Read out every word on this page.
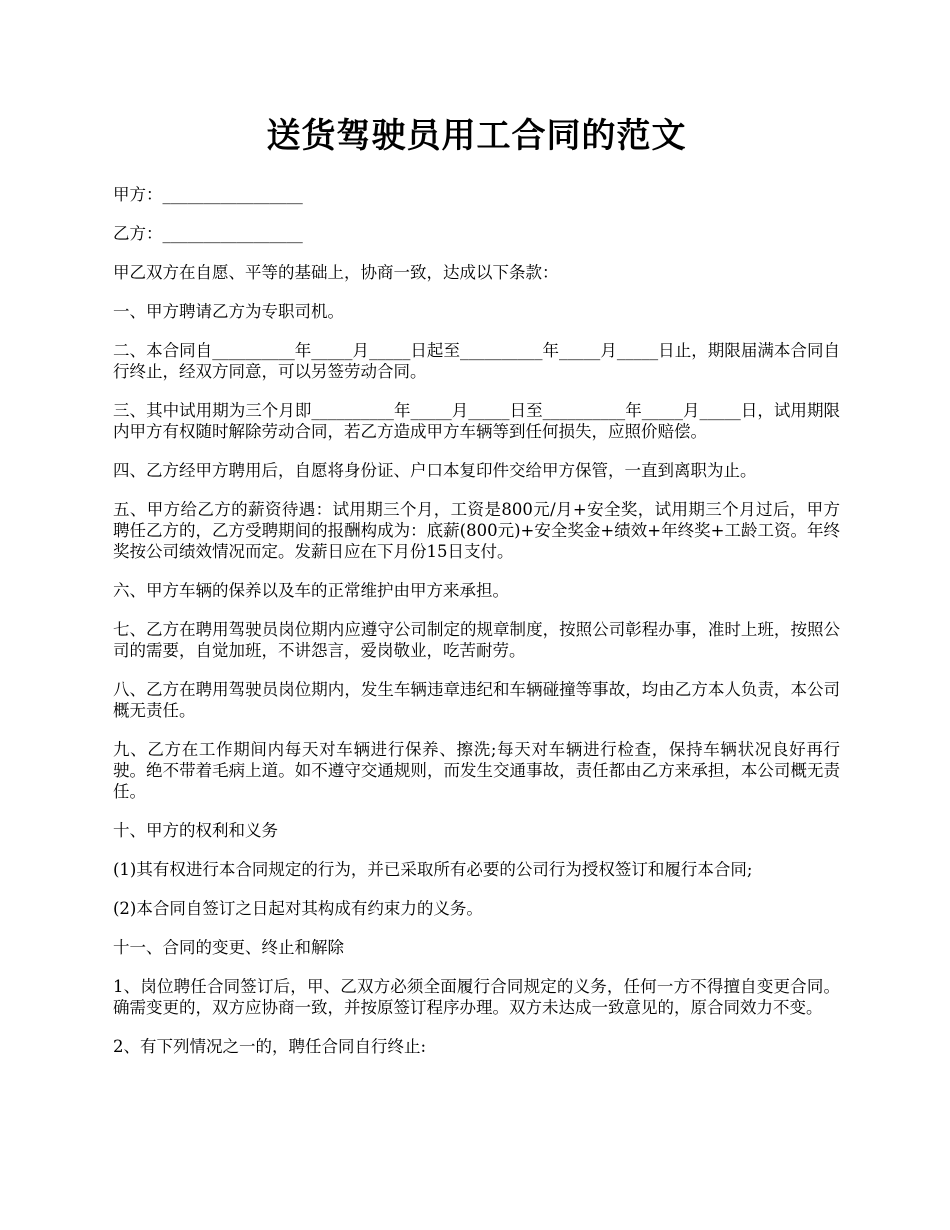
送货驾驶员用工合同的范文

甲方：_________________

乙方：_________________

甲乙双方在自愿、平等的基础上，协商一致，达成以下条款：

一、甲方聘请乙方为专职司机。

二、本合同自__________年_____月_____日起至__________年_____月_____日止，期限届满本合同自行终止，经双方同意，可以另签劳动合同。

三、其中试用期为三个月即__________年_____月_____日至__________年_____月_____日，试用期限内甲方有权随时解除劳动合同，若乙方造成甲方车辆等到任何损失，应照价赔偿。

四、乙方经甲方聘用后，自愿将身份证、户口本复印件交给甲方保管，一直到离职为止。

五、甲方给乙方的薪资待遇：试用期三个月，工资是800元/月+安全奖，试用期三个月过后，甲方聘任乙方的，乙方受聘期间的报酬构成为：底薪(800元)+安全奖金+绩效+年终奖+工龄工资。年终奖按公司绩效情况而定。发薪日应在下月份15日支付。

六、甲方车辆的保养以及车的正常维护由甲方来承担。

七、乙方在聘用驾驶员岗位期内应遵守公司制定的规章制度，按照公司彰程办事，准时上班，按照公司的需要，自觉加班，不讲怨言，爱岗敬业，吃苦耐劳。

八、乙方在聘用驾驶员岗位期内，发生车辆违章违纪和车辆碰撞等事故，均由乙方本人负责，本公司概无责任。

九、乙方在工作期间内每天对车辆进行保养、擦洗;每天对车辆进行检查，保持车辆状况良好再行驶。绝不带着毛病上道。如不遵守交通规则，而发生交通事故，责任都由乙方来承担，本公司概无责任。

十、甲方的权利和义务

(1)其有权进行本合同规定的行为，并已采取所有必要的公司行为授权签订和履行本合同;

(2)本合同自签订之日起对其构成有约束力的义务。

十一、合同的变更、终止和解除

1、岗位聘任合同签订后，甲、乙双方必须全面履行合同规定的义务，任何一方不得擅自变更合同。确需变更的，双方应协商一致，并按原签订程序办理。双方未达成一致意见的，原合同效力不变。

2、有下列情况之一的，聘任合同自行终止:
